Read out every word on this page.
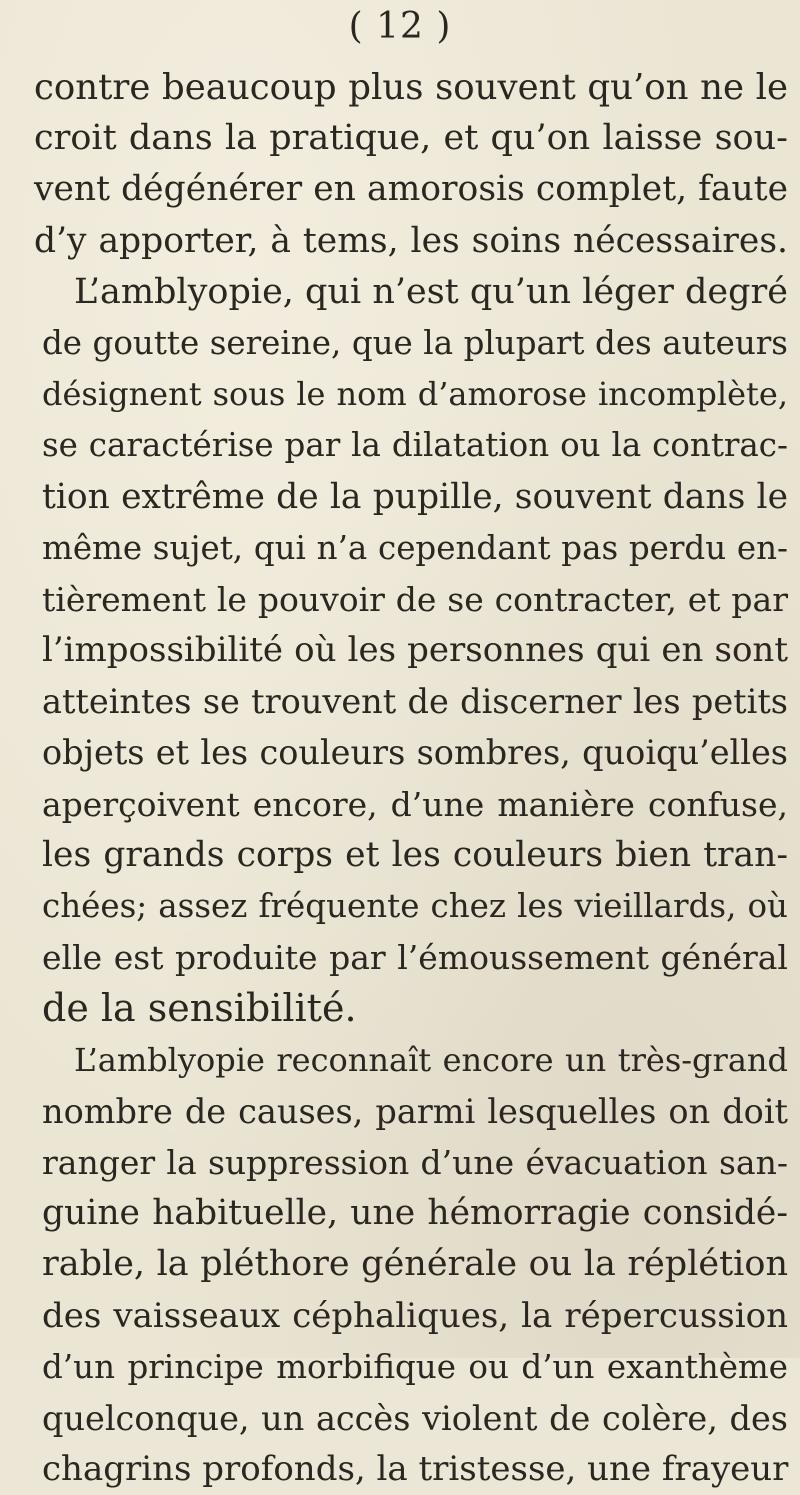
( 12 )
contre beaucoup plus souvent qu’on ne le
croit dans la pratique, et qu’on laisse sou-
vent dégénérer en amorosis complet, faute
d’y apporter, à tems, les soins nécessaires.
L’amblyopie, qui n’est qu’un léger degré
de goutte sereine, que la plupart des auteurs
désignent sous le nom d’amorose incomplète,
se caractérise par la dilatation ou la contrac-
tion extrême de la pupille, souvent dans le
même sujet, qui n’a cependant pas perdu en-
tièrement le pouvoir de se contracter, et par
l’impossibilité où les personnes qui en sont
atteintes se trouvent de discerner les petits
objets et les couleurs sombres, quoiqu’elles
aperçoivent encore, d’une manière confuse,
les grands corps et les couleurs bien tran-
chées; assez fréquente chez les vieillards, où
elle est produite par l’émoussement général
de la sensibilité.
L’amblyopie reconnaît encore un très-grand
nombre de causes, parmi lesquelles on doit
ranger la suppression d’une évacuation san-
guine habituelle, une hémorragie considé-
rable, la pléthore générale ou la réplétion
des vaisseaux céphaliques, la répercussion
d’un principe morbifique ou d’un exanthème
quelconque, un accès violent de colère, des
chagrins profonds, la tristesse, une frayeur
